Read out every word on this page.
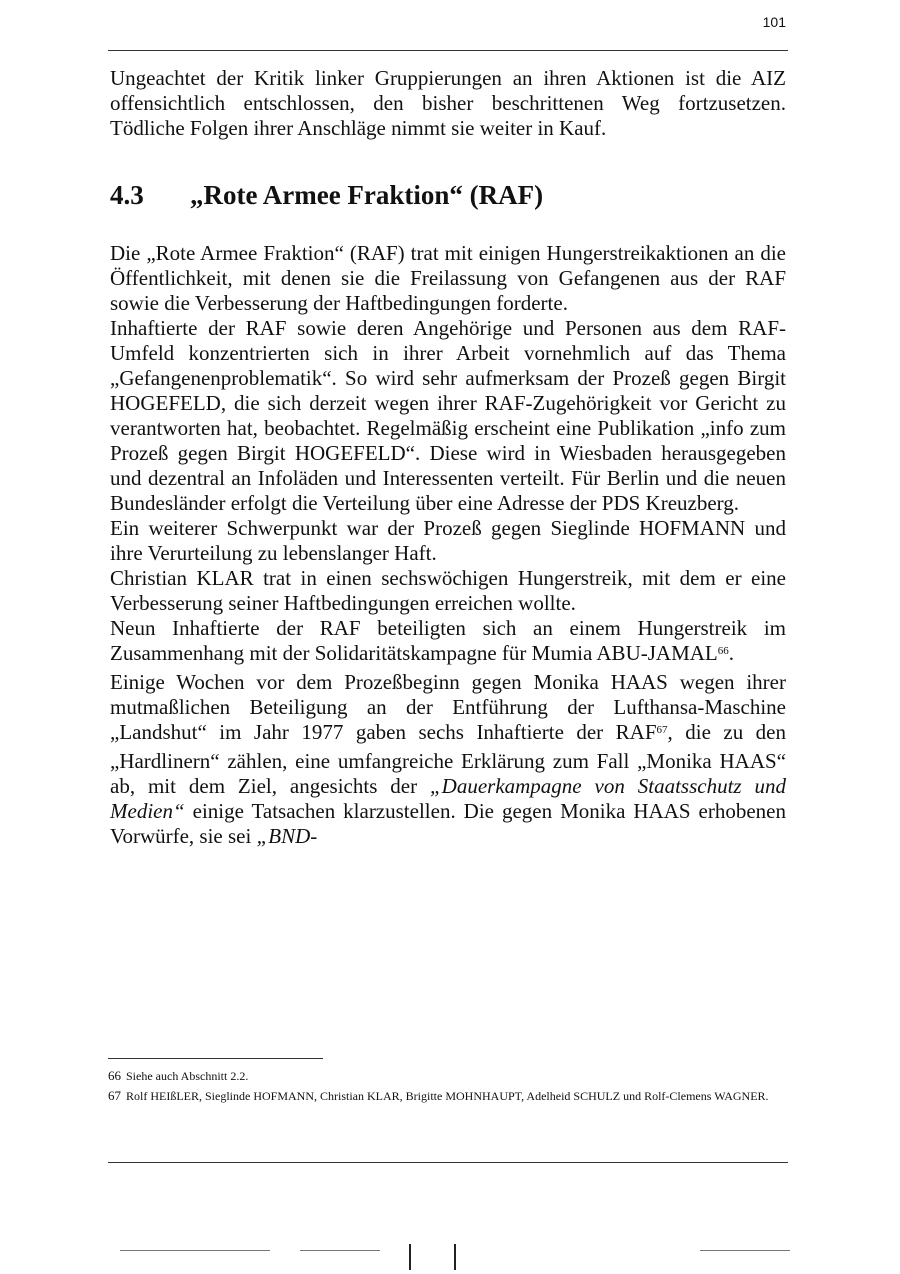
101

Ungeachtet der Kritik linker Gruppierungen an ihren Aktionen ist die AIZ offensichtlich entschlossen, den bisher beschrittenen Weg fortzusetzen. Tödliche Folgen ihrer Anschläge nimmt sie weiter in Kauf.

4.3 „Rote Armee Fraktion“ (RAF)

Die „Rote Armee Fraktion“ (RAF) trat mit einigen Hungerstreikaktionen an die Öffentlichkeit, mit denen sie die Freilassung von Gefangenen aus der RAF sowie die Verbesserung der Haftbedingungen forderte.

Inhaftierte der RAF sowie deren Angehörige und Personen aus dem RAF-Umfeld konzentrierten sich in ihrer Arbeit vornehmlich auf das Thema „Gefangenenproblematik“. So wird sehr aufmerksam der Prozeß gegen Birgit HOGEFELD, die sich derzeit wegen ihrer RAF-Zugehörigkeit vor Gericht zu verantworten hat, beobachtet. Regelmäßig erscheint eine Publikation „info zum Prozeß gegen Birgit HOGEFELD“. Diese wird in Wiesbaden herausgegeben und dezentral an Infoläden und Interessenten verteilt. Für Berlin und die neuen Bundesländer erfolgt die Verteilung über eine Adresse der PDS Kreuzberg.

Ein weiterer Schwerpunkt war der Prozeß gegen Sieglinde HOFMANN und ihre Verurteilung zu lebenslanger Haft.

Christian KLAR trat in einen sechswöchigen Hungerstreik, mit dem er eine Verbesserung seiner Haftbedingungen erreichen wollte.

Neun Inhaftierte der RAF beteiligten sich an einem Hungerstreik im Zusammenhang mit der Solidaritätskampagne für Mumia ABU-JAMAL$^{66}$.

Einige Wochen vor dem Prozeßbeginn gegen Monika HAAS wegen ihrer mutmaßlichen Beteiligung an der Entführung der Lufthansa-Maschine „Landshut“ im Jahr 1977 gaben sechs Inhaftierte der RAF$^{67}$, die zu den „Hardlinern“ zählen, eine umfangreiche Erklärung zum Fall „Monika HAAS“ ab, mit dem Ziel, angesichts der „Dauerkampagne von Staatsschutz und Medien“ einige Tatsachen klarzustellen. Die gegen Monika HAAS erhobenen Vorwürfe, sie sei „BND-

66 Siehe auch Abschnitt 2.2.

67 Rolf HEIßLER, Sieglinde HOFMANN, Christian KLAR, Brigitte MOHNHAUPT, Adelheid SCHULZ und Rolf-Clemens WAGNER.
